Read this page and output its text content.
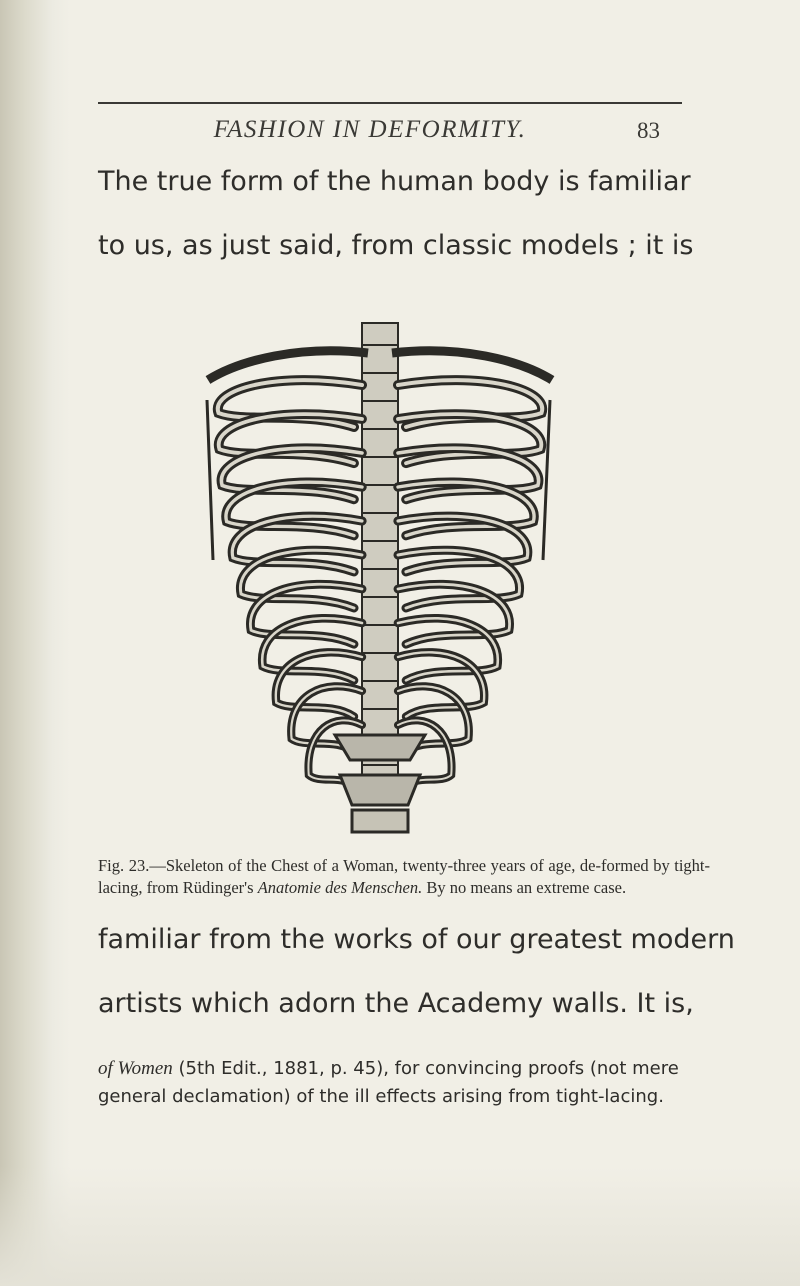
FASHION IN DEFORMITY.	83
The true form of the human body is familiar
to us, as just said, from classic models ; it is
Fig. 23.—Skeleton of the Chest of a Woman, twenty-three years of age, de-formed by tight-lacing, from Rüdinger's Anatomie des Menschen. By no means an extreme case.
familiar from the works of our greatest modern
artists which adorn the Academy walls. It is,
of Women (5th Edit., 1881, p. 45), for convincing proofs (not mere
general declamation) of the ill effects arising from tight-lacing.
